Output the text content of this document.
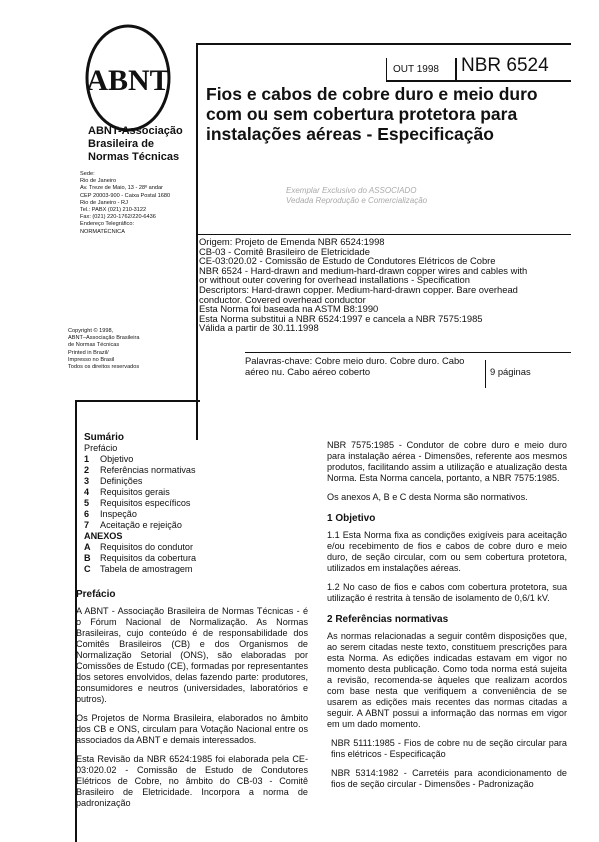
ABNT
ABNT-Associação Brasileira de Normas Técnicas
Sede:
Rio de Janeiro
Av. Treze de Maio, 13 - 28º andar
CEP 20003-900 - Caixa Postal 1680
Rio de Janeiro - RJ
Tel.: PABX (021) 210-3122
Fax: (021) 220-1762/220-6436
Endereço Telegráfico:
NORMATÉCNICA
Copyright © 1998,
ABNT–Associação Brasileira
de Normas Técnicas
Printed in Brazil/
Impresso no Brasil
Todos os direitos reservados
OUT 1998 NBR 6524
Fios e cabos de cobre duro e meio duro com ou sem cobertura protetora para instalações aéreas - Especificação
Exemplar Exclusivo do ASSOCIADO
Vedada Reprodução e Comercialização
Origem: Projeto de Emenda NBR 6524:1998
CB-03 - Comitê Brasileiro de Eletricidade
CE-03:020.02 - Comissão de Estudo de Condutores Elétricos de Cobre
NBR 6524 - Hard-drawn and medium-hard-drawn copper wires and cables with
or without outer covering for overhead installations - Specification
Descriptors: Hard-drawn copper. Medium-hard-drawn copper. Bare overhead
conductor. Covered overhead conductor
Esta Norma foi baseada na ASTM B8:1990
Esta Norma substitui a NBR 6524:1997 e cancela a NBR 7575:1985
Válida a partir de 30.11.1998
Palavras-chave: Cobre meio duro. Cobre duro. Cabo aéreo nu. Cabo aéreo coberto	9 páginas
Sumário
Prefácio
1	Objetivo
2	Referências normativas
3	Definições
4	Requisitos gerais
5	Requisitos específicos
6	Inspeção
7	Aceitação e rejeição
ANEXOS
A	Requisitos do condutor
B	Requisitos da cobertura
C	Tabela de amostragem
Prefácio

A ABNT - Associação Brasileira de Normas Técnicas - é o Fórum Nacional de Normalização. As Normas Brasileiras, cujo conteúdo é de responsabilidade dos Comitês Brasileiros (CB) e dos Organismos de Normalização Setorial (ONS), são elaboradas por Comissões de Estudo (CE), formadas por representantes dos setores envolvidos, delas fazendo parte: produtores, consumidores e neutros (universidades, laboratórios e outros).

Os Projetos de Norma Brasileira, elaborados no âmbito dos CB e ONS, circulam para Votação Nacional entre os associados da ABNT e demais interessados.

Esta Revisão da NBR 6524:1985 foi elaborada pela CE-03:020.02 - Comissão de Estudo de Condutores Elétricos de Cobre, no âmbito do CB-03 - Comitê Brasileiro de Eletricidade. Incorpora a norma de padronização

NBR 7575:1985 - Condutor de cobre duro e meio duro para instalação aérea - Dimensões, referente aos mesmos produtos, facilitando assim a utilização e atualização desta Norma. Esta Norma cancela, portanto, a NBR 7575:1985.

Os anexos A, B e C desta Norma são normativos.

1 Objetivo

1.1 Esta Norma fixa as condições exigíveis para aceitação e/ou recebimento de fios e cabos de cobre duro e meio duro, de seção circular, com ou sem cobertura protetora, utilizados em instalações aéreas.

1.2 No caso de fios e cabos com cobertura protetora, sua utilização é restrita à tensão de isolamento de 0,6/1 kV.

2 Referências normativas

As normas relacionadas a seguir contêm disposições que, ao serem citadas neste texto, constituem prescrições para esta Norma. As edições indicadas estavam em vigor no momento desta publicação. Como toda norma está sujeita a revisão, recomenda-se àqueles que realizam acordos com base nesta que verifiquem a conveniência de se usarem as edições mais recentes das normas citadas a seguir. A ABNT possui a informação das normas em vigor em um dado momento.

NBR 5111:1985 - Fios de cobre nu de seção circular para fins elétricos - Especificação

NBR 5314:1982 - Carretéis para acondicionamento de fios de seção circular - Dimensões - Padronização
